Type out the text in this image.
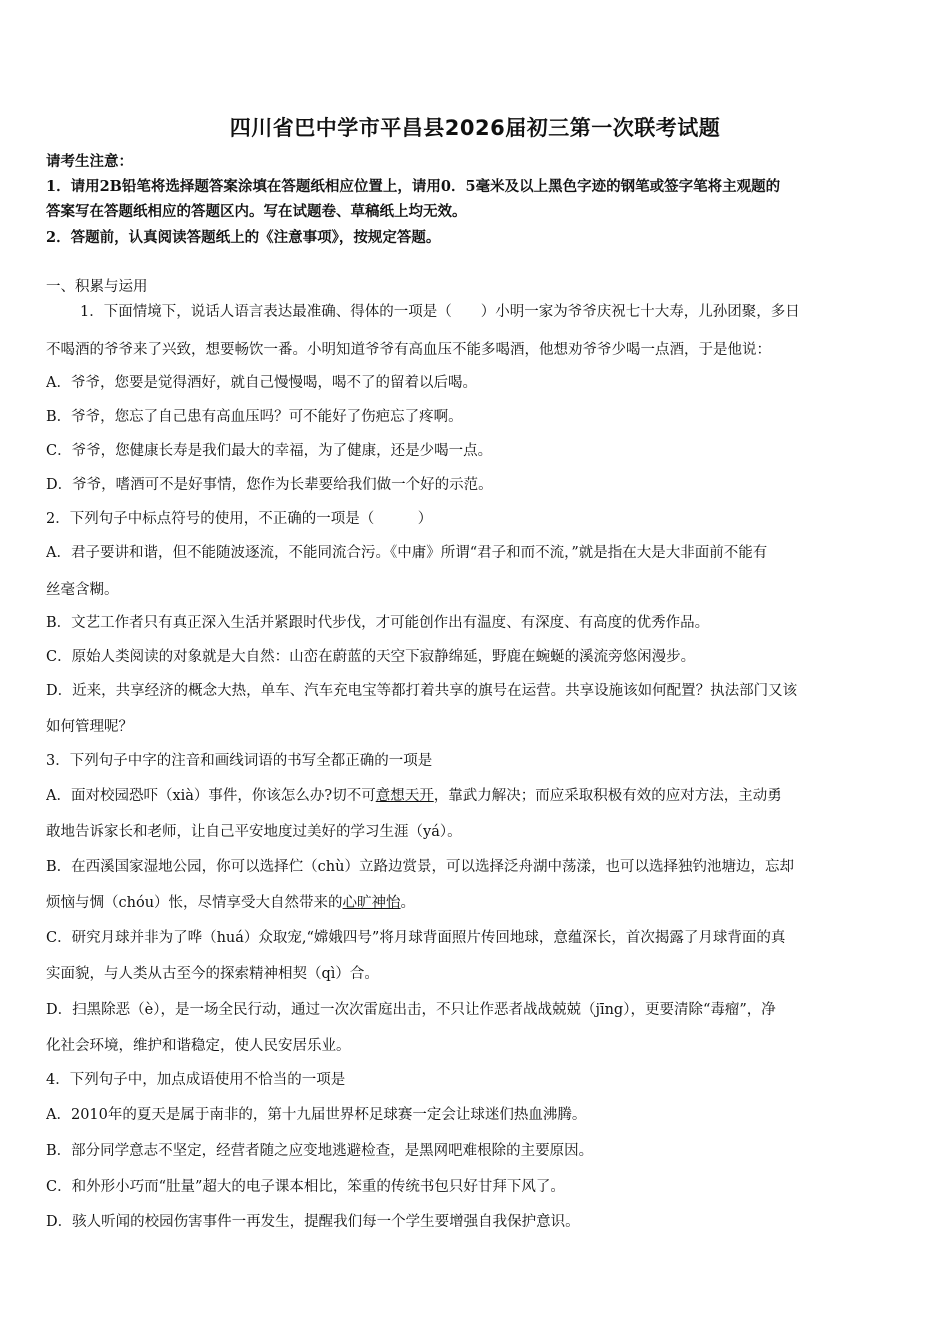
四川省巴中学市平昌县2026届初三第一次联考试题
请考生注意：
1．请用2B铅笔将选择题答案涂填在答题纸相应位置上，请用0．5毫米及以上黑色字迹的钢笔或签字笔将主观题的
答案写在答题纸相应的答题区内。写在试题卷、草稿纸上均无效。
2．答题前，认真阅读答题纸上的《注意事项》，按规定答题。
一、积累与运用
1．下面情境下，说话人语言表达最准确、得体的一项是（　　）小明一家为爷爷庆祝七十大寿，儿孙团聚，多日
不喝酒的爷爷来了兴致，想要畅饮一番。小明知道爷爷有高血压不能多喝酒，他想劝爷爷少喝一点酒，于是他说：
A．爷爷，您要是觉得酒好，就自己慢慢喝，喝不了的留着以后喝。
B．爷爷，您忘了自己患有高血压吗？可不能好了伤疤忘了疼啊。
C．爷爷，您健康长寿是我们最大的幸福，为了健康，还是少喝一点。
D．爷爷，嗜酒可不是好事情，您作为长辈要给我们做一个好的示范。
2．下列句子中标点符号的使用，不正确的一项是（　　　）
A．君子要讲和谐，但不能随波逐流，不能同流合污。《中庸》所谓“君子和而不流，”就是指在大是大非面前不能有
丝毫含糊。
B．文艺工作者只有真正深入生活并紧跟时代步伐，才可能创作出有温度、有深度、有高度的优秀作品。
C．原始人类阅读的对象就是大自然：山峦在蔚蓝的天空下寂静绵延，野鹿在蜿蜒的溪流旁悠闲漫步。
D．近来，共享经济的概念大热，单车、汽车充电宝等都打着共享的旗号在运营。共享设施该如何配置？执法部门又该
如何管理呢？
3．下列句子中字的注音和画线词语的书写全都正确的一项是
A．面对校园恐吓（xià）事件，你该怎么办?切不可意想天开，靠武力解决；而应采取积极有效的应对方法，主动勇
敢地告诉家长和老师，让自己平安地度过美好的学习生涯（yá）。
B．在西溪国家湿地公园，你可以选择伫（chù）立路边赏景，可以选择泛舟湖中荡漾，也可以选择独钓池塘边，忘却
烦恼与惆（chóu）怅，尽情享受大自然带来的心旷神怡。
C．研究月球并非为了哗（huá）众取宠,“嫦娥四号”将月球背面照片传回地球，意蕴深长，首次揭露了月球背面的真
实面貌，与人类从古至今的探索精神相契（qì）合。
D．扫黑除恶（è），是一场全民行动，通过一次次雷庭出击，不只让作恶者战战兢兢（jīng），更要清除“毒瘤”，净
化社会环境，维护和谐稳定，使人民安居乐业。
4．下列句子中，加点成语使用不恰当的一项是
A．2010年的夏天是属于南非的，第十九届世界杯足球赛一定会让球迷们热血沸腾。
B．部分同学意志不坚定，经营者随之应变地逃避检查，是黑网吧难根除的主要原因。
C．和外形小巧而“肚量”超大的电子课本相比，笨重的传统书包只好甘拜下风了。
D．骇人听闻的校园伤害事件一再发生，提醒我们每一个学生要增强自我保护意识。
